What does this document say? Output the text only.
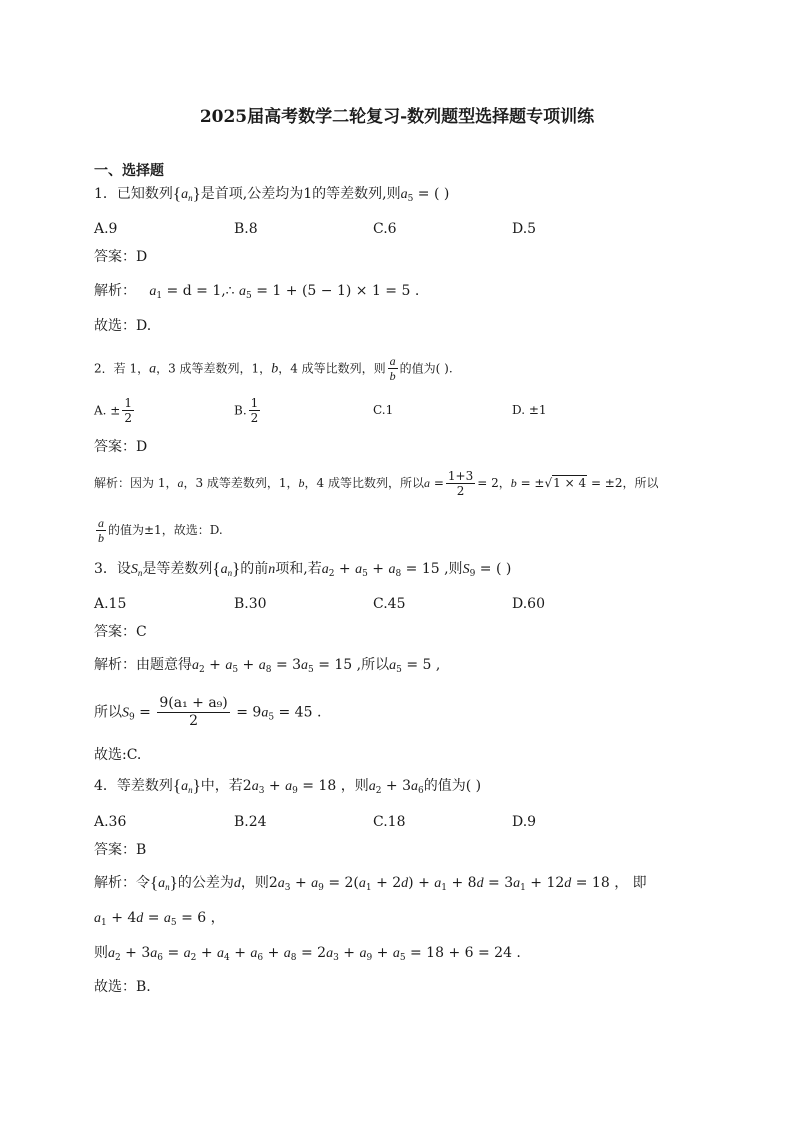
2025届高考数学二轮复习-数列题型选择题专项训练
一、选择题
1．已知数列$\{a_n\}$是首项,公差均为1的等差数列,则$a_5$ = ( )
A.9	B.8	C.6	D.5
答案：D
解析： $a_1 = d$ = 1,∴ $a_5 = 1 + (5 - 1) \times 1 = 5$ .
故选：D.
2．若 1，a，3 成等差数列，1，b，4 成等比数列，则 $\frac{a}{b}$ 的值为( ).
A. ± $\frac{1}{2}$	B. $\frac{1}{2}$	C.1	D. ±1
答案：D
解析：因为 1，a，3 成等差数列，1，b，4 成等比数列，所以$a = \frac{1+3}{2} = 2$，b = ±√1 × 4 = ±2，所以
$\frac{a}{b}$ 的值为±1，故选：D.
3．设$S_n$是等差数列$\{a_n\}$的前n项和,若$a_2 + a_5 + a_8 = 15$ ,则$S_9$ = ( )
A.15	B.30	C.45	D.60
答案：C
解析：由题意得$a_2 + a_5 + a_8 = 3a_5 = 15$ ,所以$a_5 = 5$ ,
所以$S_9 = \frac{\text{9(a₁ + a₉)}}{2} = 9a_5 = 45$ .
故选:C.
4．等差数列$\{a_n\}$中，若$2a_3 + a_9 = 18$ ，则$a_2 + 3a_6$的值为( )
A.36	B.24	C.18	D.9
答案：B
解析：令$\{a_n\}$的公差为d，则$2a_3 + a_9 = 2(a_1 + 2d) + a_1 + 8d = 3a_1 + 12d = 18$ ， 即
$a_1 + 4d = a_5 = 6$ ，
则$a_2 + 3a_6 = a_2 + a_4 + a_6 + a_8 = 2a_3 + a_9 + a_5 = 18 + 6 = 24$ .
故选：B.
